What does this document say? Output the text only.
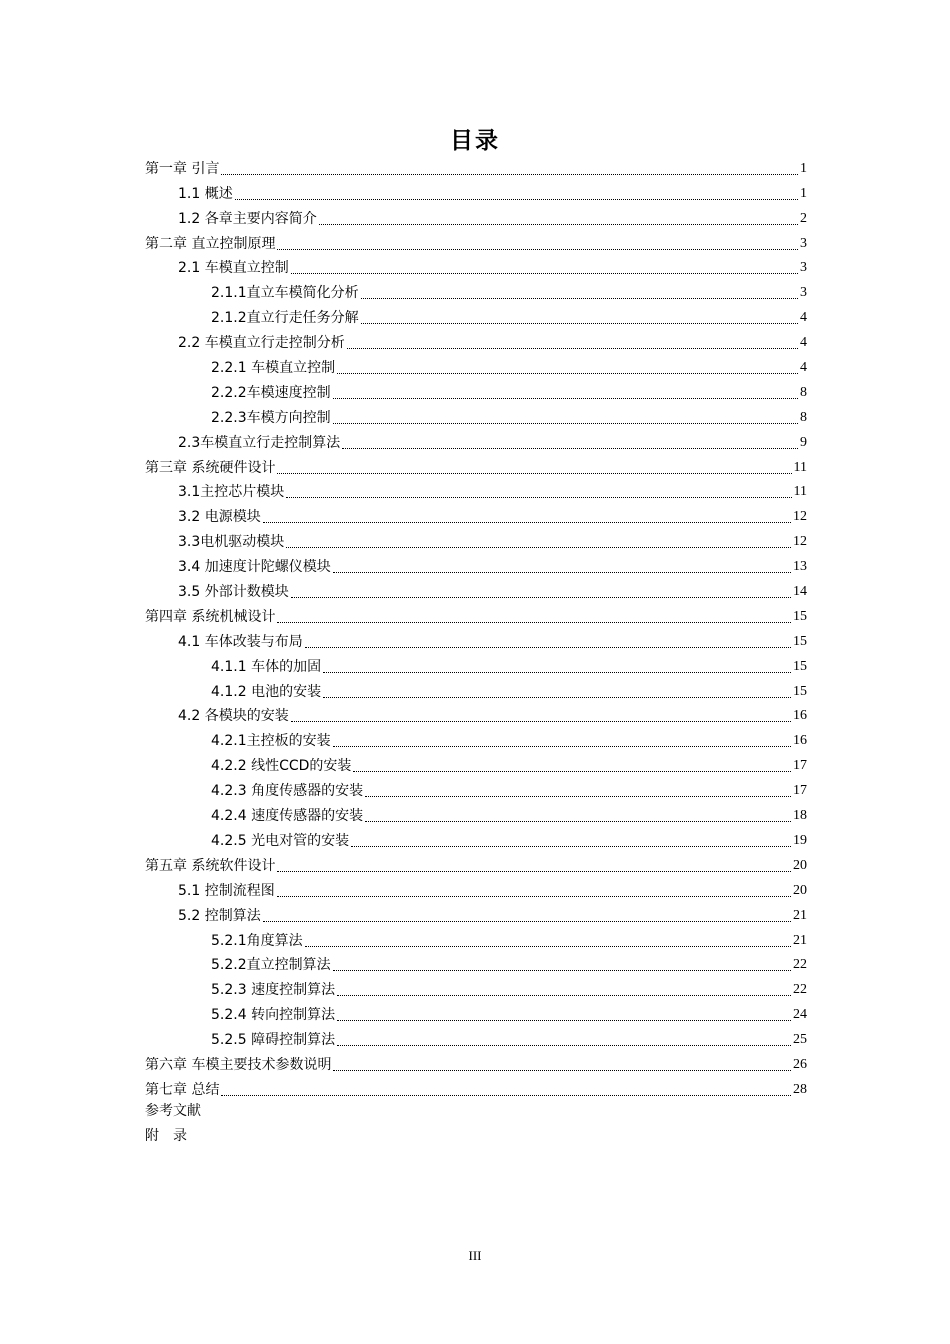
目录
第一章 引言	1
1.1 概述	1
1.2 各章主要内容简介	2
第二章 直立控制原理	3
2.1 车模直立控制	3
2.1.1直立车模简化分析	3
2.1.2直立行走任务分解	4
2.2 车模直立行走控制分析	4
2.2.1 车模直立控制	4
2.2.2车模速度控制	8
2.2.3车模方向控制	8
2.3车模直立行走控制算法	9
第三章 系统硬件设计	11
3.1主控芯片模块	11
3.2 电源模块	12
3.3电机驱动模块	12
3.4 加速度计陀螺仪模块	13
3.5 外部计数模块	14
第四章 系统机械设计	15
4.1 车体改装与布局	15
4.1.1 车体的加固	15
4.1.2 电池的安装	15
4.2 各模块的安装	16
4.2.1主控板的安装	16
4.2.2 线性CCD的安装	17
4.2.3 角度传感器的安装	17
4.2.4 速度传感器的安装	18
4.2.5 光电对管的安装	19
第五章 系统软件设计	20
5.1 控制流程图	20
5.2 控制算法	21
5.2.1角度算法	21
5.2.2直立控制算法	22
5.2.3 速度控制算法	22
5.2.4 转向控制算法	24
5.2.5 障碍控制算法	25
第六章 车模主要技术参数说明	26
第七章 总结	28
参考文献
附    录
III
